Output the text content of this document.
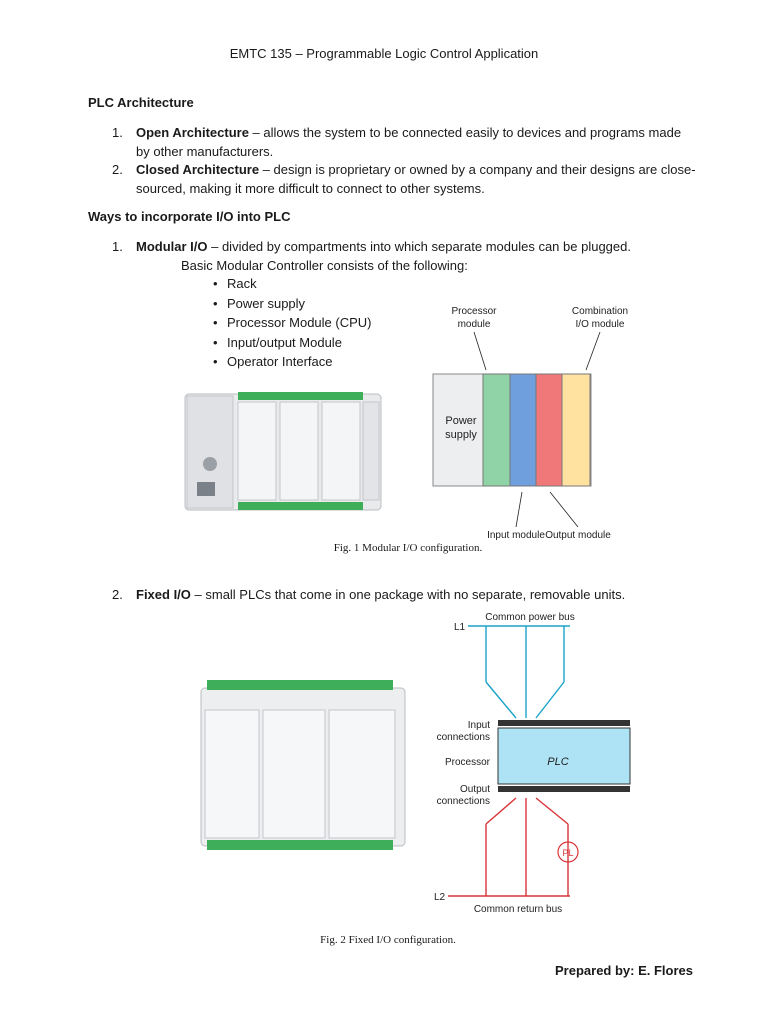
EMTC 135 – Programmable Logic Control Application
PLC Architecture
1. Open Architecture – allows the system to be connected easily to devices and programs made by other manufacturers.
2. Closed Architecture – design is proprietary or owned by a company and their designs are close-sourced, making it more difficult to connect to other systems.
Ways to incorporate I/O into PLC
1. Modular I/O – divided by compartments into which separate modules can be plugged.
Basic Modular Controller consists of the following:
• Rack
• Power supply
• Processor Module (CPU)
• Input/output Module
• Operator Interface
Processor
module
Combination
I/O module
Power
supply
Input module Output module
Fig. 1 Modular I/O configuration.
2. Fixed I/O – small PLCs that come in one package with no separate, removable units.
Common power bus
L1
Input
connections
Processor	PLC
Output
connections
PL
L2
Common return bus
Fig. 2 Fixed I/O configuration.
Prepared by: E. Flores
